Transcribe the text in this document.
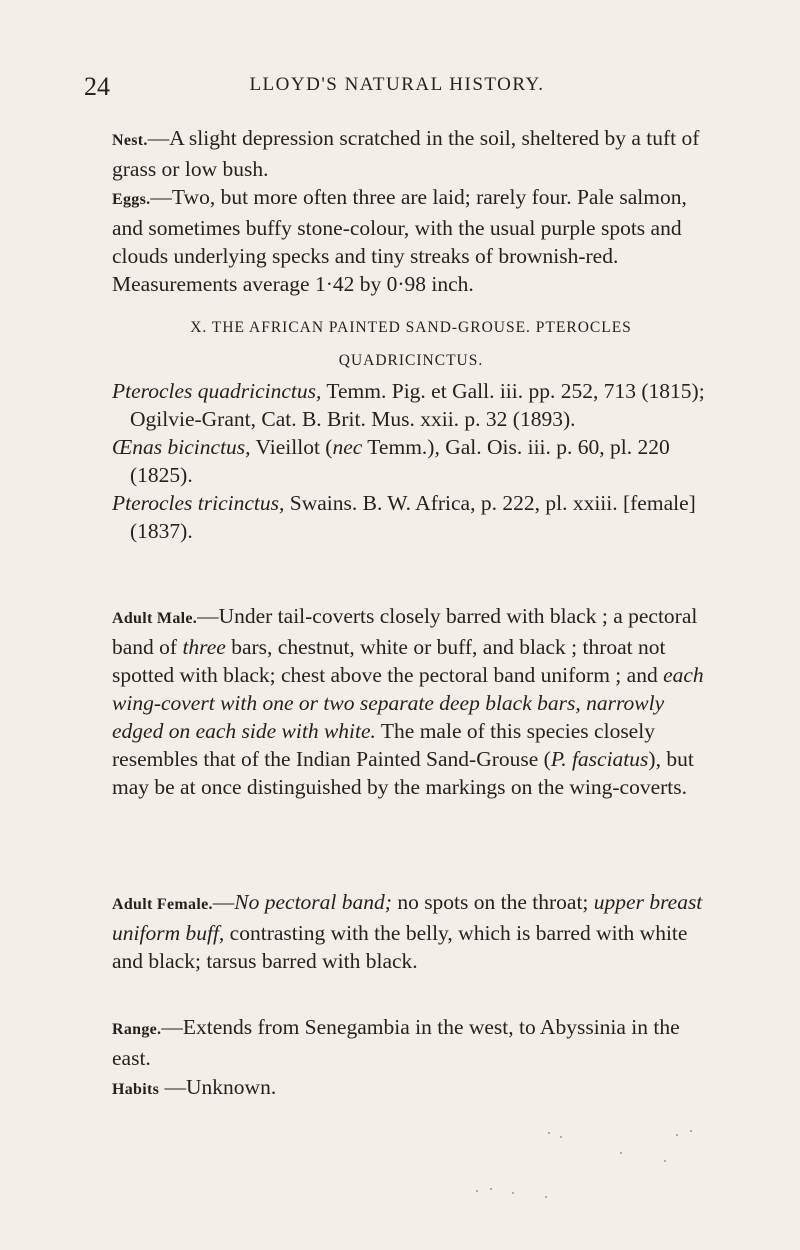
24	LLOYD'S NATURAL HISTORY.

Nest.—A slight depression scratched in the soil, sheltered by a tuft of grass or low bush.

Eggs.—Two, but more often three are laid; rarely four. Pale salmon, and sometimes buffy stone-colour, with the usual purple spots and clouds underlying specks and tiny streaks of brownish-red. Measurements average 1·42 by 0·98 inch.

X. THE AFRICAN PAINTED SAND-GROUSE. PTEROCLES
QUADRICINCTUS.

Pterocles quadricinctus, Temm. Pig. et Gall. iii. pp. 252, 713 (1815); Ogilvie-Grant, Cat. B. Brit. Mus. xxii. p. 32 (1893).

Œnas bicinctus, Vieillot (nec Temm.), Gal. Ois. iii. p. 60, pl. 220 (1825).

Pterocles tricinctus, Swains. B. W. Africa, p. 222, pl. xxiii. [female] (1837).

Adult Male.—Under tail-coverts closely barred with black ; a pectoral band of three bars, chestnut, white or buff, and black ; throat not spotted with black; chest above the pectoral band uniform ; and each wing-covert with one or two separate deep black bars, narrowly edged on each side with white. The male of this species closely resembles that of the Indian Painted Sand-Grouse (P. fasciatus), but may be at once distinguished by the markings on the wing-coverts.

Adult Female.—No pectoral band; no spots on the throat; upper breast uniform buff, contrasting with the belly, which is barred with white and black; tarsus barred with black.

Range.—Extends from Senegambia in the west, to Abyssinia in the east.

Habits —Unknown.
